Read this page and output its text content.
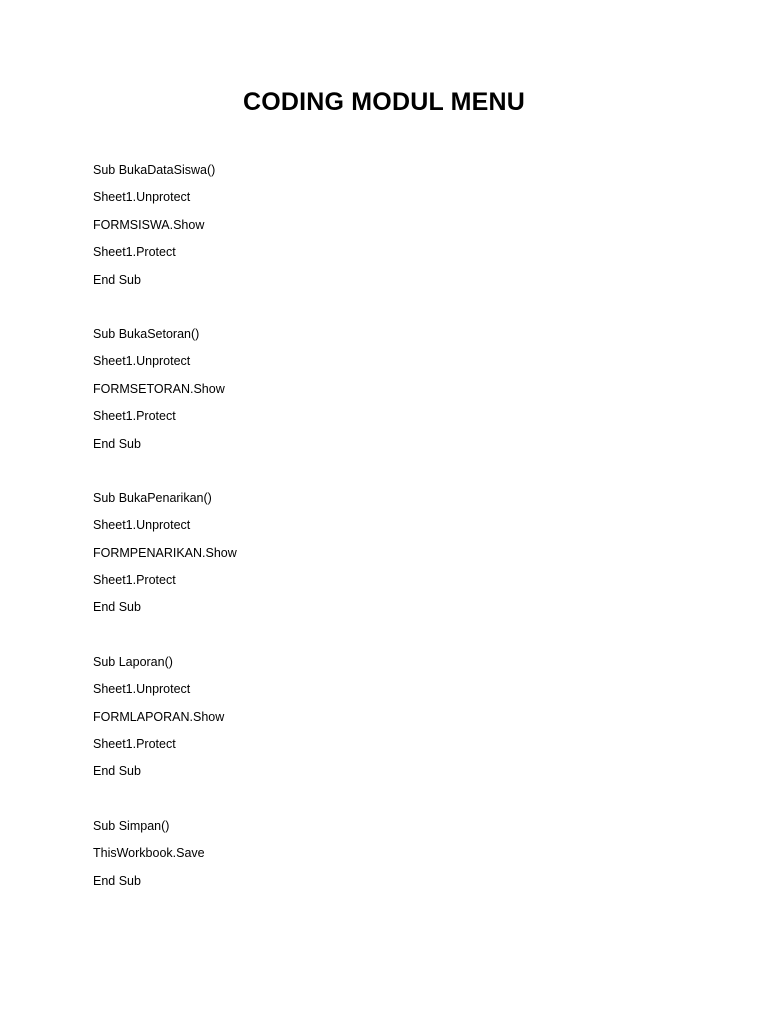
CODING MODUL MENU
Sub BukaDataSiswa()
Sheet1.Unprotect
FORMSISWA.Show
Sheet1.Protect
End Sub
Sub BukaSetoran()
Sheet1.Unprotect
FORMSETORAN.Show
Sheet1.Protect
End Sub
Sub BukaPenarikan()
Sheet1.Unprotect
FORMPENARIKAN.Show
Sheet1.Protect
End Sub
Sub Laporan()
Sheet1.Unprotect
FORMLAPORAN.Show
Sheet1.Protect
End Sub
Sub Simpan()
ThisWorkbook.Save
End Sub
